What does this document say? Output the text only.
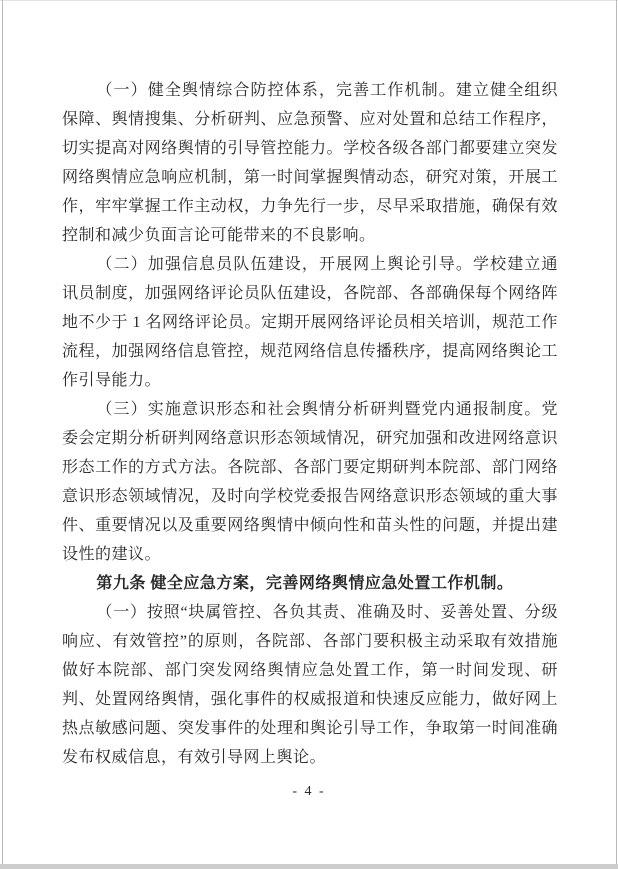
（一）健全舆情综合防控体系，完善工作机制。建立健全组织保障、舆情搜集、分析研判、应急预警、应对处置和总结工作程序，切实提高对网络舆情的引导管控能力。学校各级各部门都要建立突发网络舆情应急响应机制，第一时间掌握舆情动态，研究对策，开展工作，牢牢掌握工作主动权，力争先行一步，尽早采取措施，确保有效控制和减少负面言论可能带来的不良影响。

（二）加强信息员队伍建设，开展网上舆论引导。学校建立通讯员制度，加强网络评论员队伍建设，各院部、各部确保每个网络阵地不少于 1 名网络评论员。定期开展网络评论员相关培训，规范工作流程，加强网络信息管控，规范网络信息传播秩序，提高网络舆论工作引导能力。

（三）实施意识形态和社会舆情分析研判暨党内通报制度。党委会定期分析研判网络意识形态领域情况，研究加强和改进网络意识形态工作的方式方法。各院部、各部门要定期研判本院部、部门网络意识形态领域情况，及时向学校党委报告网络意识形态领域的重大事件、重要情况以及重要网络舆情中倾向性和苗头性的问题，并提出建设性的建议。

第九条 健全应急方案，完善网络舆情应急处置工作机制。

（一）按照“块属管控、各负其责、准确及时、妥善处置、分级响应、有效管控”的原则，各院部、各部门要积极主动采取有效措施做好本院部、部门突发网络舆情应急处置工作，第一时间发现、研判、处置网络舆情，强化事件的权威报道和快速反应能力，做好网上热点敏感问题、突发事件的处理和舆论引导工作，争取第一时间准确发布权威信息，有效引导网上舆论。

- 4 -
